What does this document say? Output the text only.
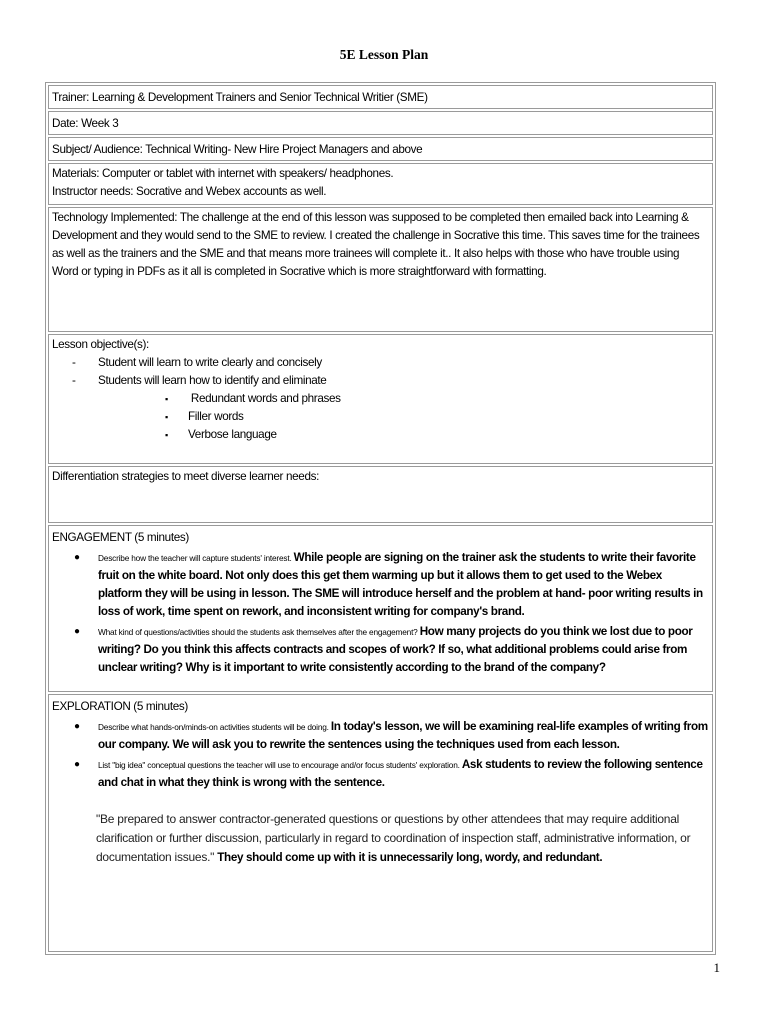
5E Lesson Plan
Trainer: Learning & Development Trainers and Senior Technical Writier (SME)
Date: Week 3
Subject/ Audience: Technical Writing- New Hire Project Managers and above
Materials: Computer or tablet with internet with speakers/ headphones.
Instructor needs: Socrative and Webex accounts as well.
Technology Implemented: The challenge at the end of this lesson was supposed to be completed then emailed back into Learning & Development and they would send to the SME to review. I created the challenge in Socrative this time. This saves time for the trainees as well as the trainers and the SME and that means more trainees will complete it.. It also helps with those who have trouble using Word or typing in PDFs as it all is completed in Socrative which is more straightforward with formatting.
Lesson objective(s):
-	Student will learn to write clearly and concisely
-	Students will learn how to identify and eliminate
▪	Redundant words and phrases
▪	Filler words
▪	Verbose language
Differentiation strategies to meet diverse learner needs:
ENGAGEMENT (5 minutes)
●	Describe how the teacher will capture students' interest. While people are signing on the trainer ask the students to write their favorite fruit on the white board. Not only does this get them warming up but it allows them to get used to the Webex platform they will be using in lesson. The SME will introduce herself and the problem at hand- poor writing results in loss of work, time spent on rework, and inconsistent writing for company's brand.
●	What kind of questions/activities should the students ask themselves after the engagement? How many projects do you think we lost due to poor writing? Do you think this affects contracts and scopes of work? If so, what additional problems could arise from unclear writing? Why is it important to write consistently according to the brand of the company?
EXPLORATION (5 minutes)
●	Describe what hands-on/minds-on activities students will be doing. In today's lesson, we will be examining real-life examples of writing from our company. We will ask you to rewrite the sentences using the techniques used from each lesson.
●	List "big idea" conceptual questions the teacher will use to encourage and/or focus students' exploration. Ask students to review the following sentence and chat in what they think is wrong with the sentence.
"Be prepared to answer contractor-generated questions or questions by other attendees that may require additional clarification or further discussion, particularly in regard to coordination of inspection staff, administrative information, or documentation issues." They should come up with it is unnecessarily long, wordy, and redundant.
1
